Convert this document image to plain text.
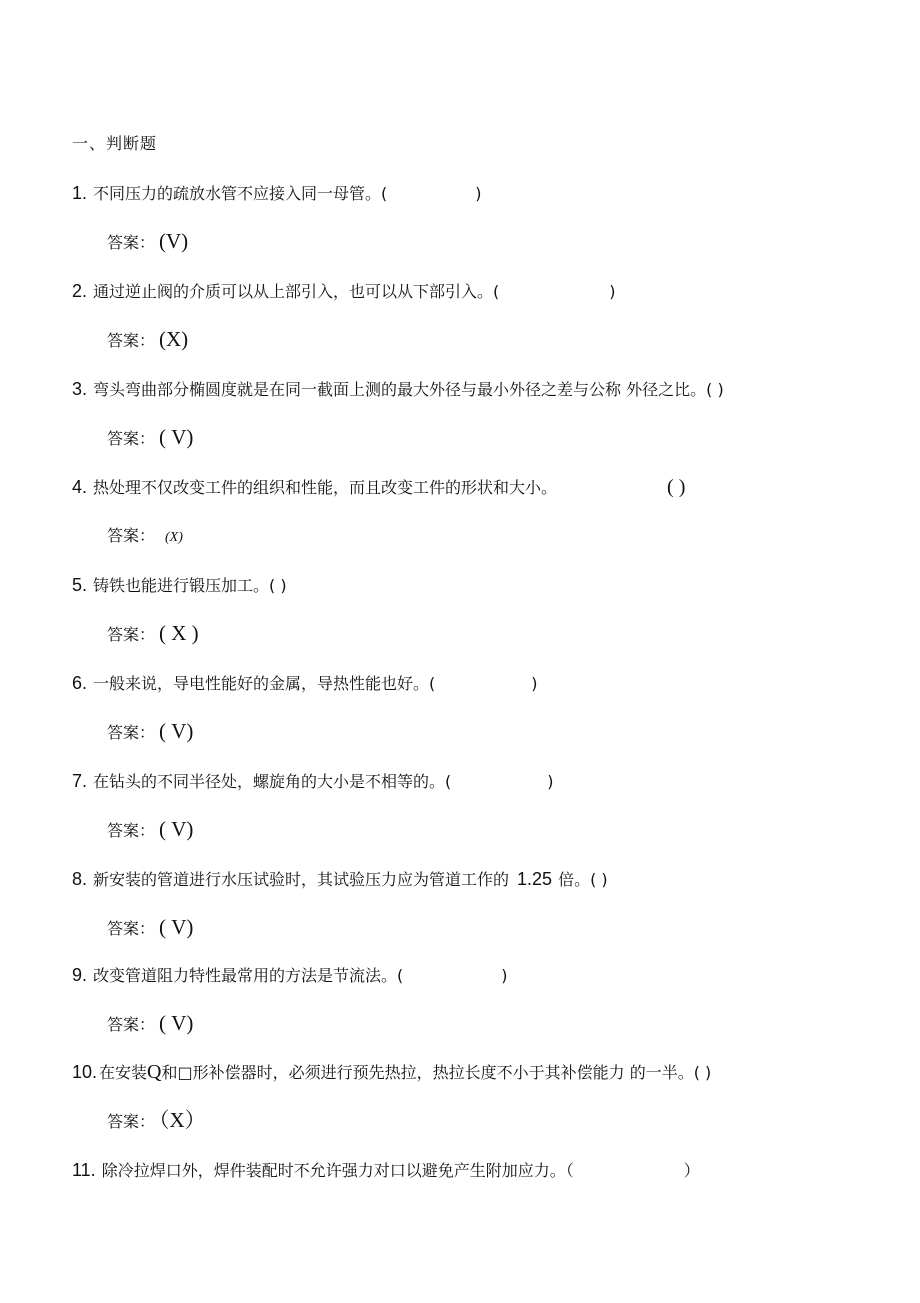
一、判断题
1. 不同压力的疏放水管不应接入同一母管。(	)
答案： (V)
2. 通过逆止阀的介质可以从上部引入，也可以从下部引入。(	)
答案： (X)
3. 弯头弯曲部分椭圆度就是在同一截面上测的最大外径与最小外径之差与公称 外径之比。( )
答案： ( V)
4. 热处理不仅改变工件的组织和性能，而且改变工件的形状和大小。	( )
答案： (X)
5. 铸铁也能进行锻压加工。( )
答案： ( X )
6. 一般来说，导电性能好的金属，导热性能也好。(	)
答案： ( V)
7. 在钻头的不同半径处，螺旋角的大小是不相等的。(	)
答案： ( V)
8. 新安装的管道进行水压试验时，其试验压力应为管道工作的 1.25 倍。( )
答案： ( V)
9. 改变管道阻力特性最常用的方法是节流法。(	)
答案： ( V)
10. 在安装Q和□形补偿器时，必须进行预先热拉，热拉长度不小于其补偿能力 的一半。( )
答案： （X）
11. 除冷拉焊口外，焊件装配时不允许强力对口以避免产生附加应力。（	）
